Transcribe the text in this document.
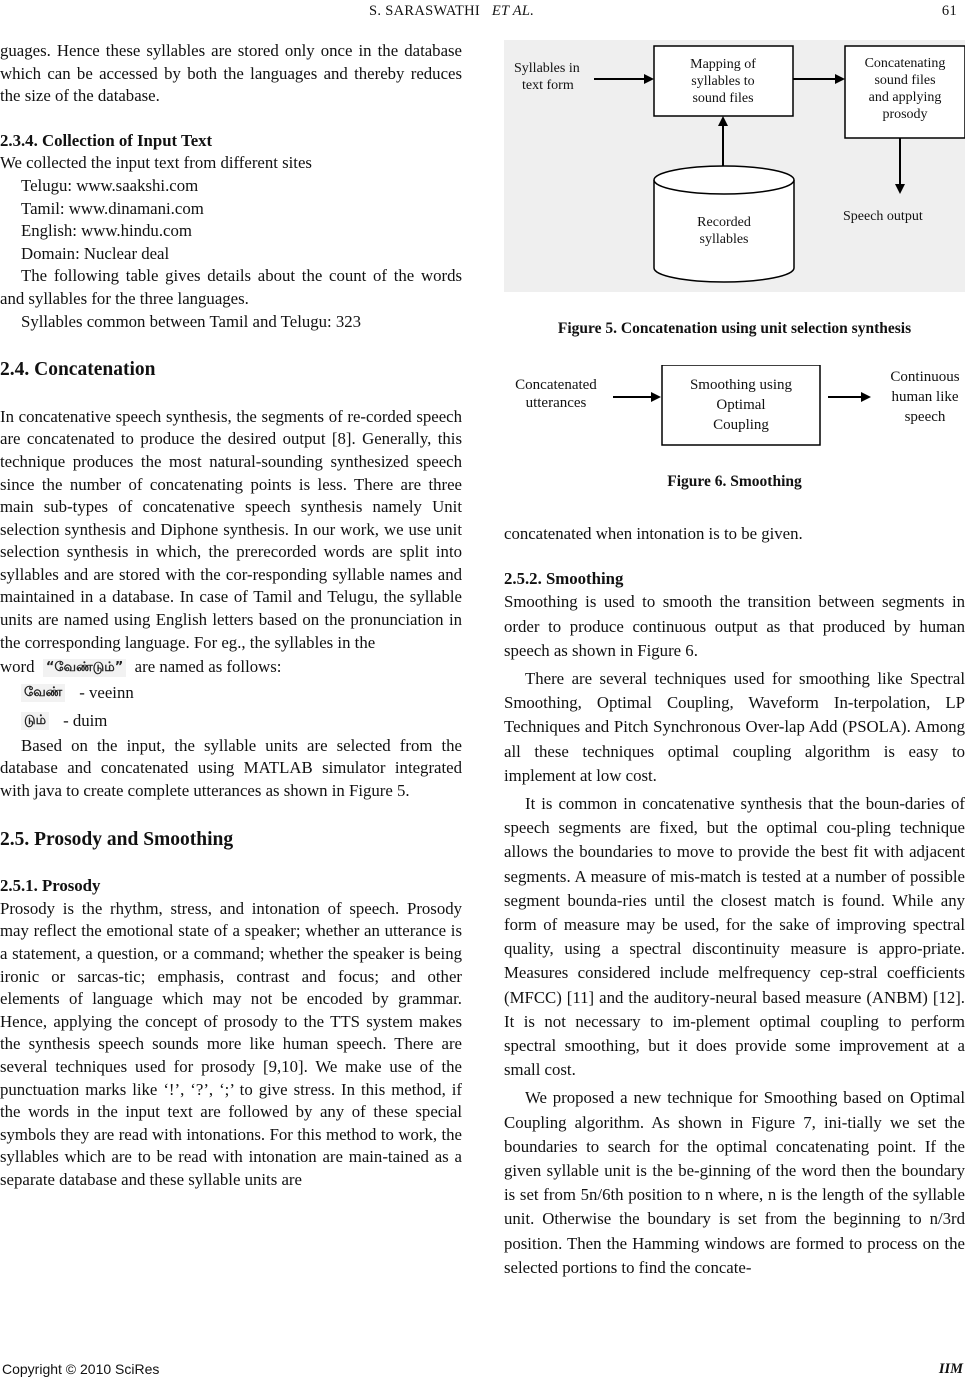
S. SARASWATHI ET AL.	61

guages. Hence these syllables are stored only once in the database which can be accessed by both the languages and thereby reduces the size of the database.

2.3.4. Collection of Input Text

We collected the input text from different sites

Telugu: www.saakshi.com
Tamil: www.dinamani.com
English: www.hindu.com
Domain: Nuclear deal

The following table gives details about the count of the words and syllables for the three languages.

Syllables common between Tamil and Telugu: 323

2.4. Concatenation

In concatenative speech synthesis, the segments of re-corded speech are concatenated to produce the desired output [8]. Generally, this technique produces the most natural-sounding synthesized speech since the number of concatenating points is less. There are three main sub-types of concatenative speech synthesis namely Unit selection synthesis and Diphone synthesis. In our work, we use unit selection synthesis in which, the prerecorded words are split into syllables and are stored with the cor-responding syllable names and maintained in a database. In case of Tamil and Telugu, the syllable units are named using English letters based on the pronunciation in the corresponding language. For eg., the syllables in the
word “வேண்டும்” are named as follows:

வேண் - veeinn
டும் - duim

Based on the input, the syllable units are selected from the database and concatenated using MATLAB simulator integrated with java to create complete utterances as shown in Figure 5.

2.5. Prosody and Smoothing
2.5.1. Prosody

Prosody is the rhythm, stress, and intonation of speech. Prosody may reflect the emotional state of a speaker; whether an utterance is a statement, a question, or a command; whether the speaker is being ironic or sarcas-tic; emphasis, contrast and focus; and other elements of language which may not be encoded by grammar. Hence, applying the concept of prosody to the TTS system makes the synthesis speech sounds more like human speech. There are several techniques used for prosody [9,10]. We make use of the punctuation marks like ‘!’, ‘?’, ‘;’ to give stress. In this method, if the words in the input text are followed by any of these special symbols they are read with intonations. For this method to work, the syllables which are to be read with intonation are main-tained as a separate database and these syllable units are

Syllables in text form
Mapping of syllables to sound files
Concatenating sound files and applying prosody
Recorded syllables
Speech output
Figure 5. Concatenation using unit selection synthesis
Concatenated utterances
Smoothing using Optimal Coupling
Continuous human like speech
Figure 6. Smoothing

concatenated when intonation is to be given.

2.5.2. Smoothing

Smoothing is used to smooth the transition between segments in order to produce continuous output as that produced by human speech as shown in Figure 6.

There are several techniques used for smoothing like Spectral Smoothing, Optimal Coupling, Waveform In-terpolation, LP Techniques and Pitch Synchronous Over-lap Add (PSOLA). Among all these techniques optimal coupling algorithm is easy to implement at low cost.

It is common in concatenative synthesis that the boun-daries of speech segments are fixed, but the optimal cou-pling technique allows the boundaries to move to provide the best fit with adjacent segments. A measure of mis-match is tested at a number of possible segment bounda-ries until the closest match is found. While any form of measure may be used, for the sake of improving spectral quality, using a spectral discontinuity measure is appro-priate. Measures considered include melfrequency cep-stral coefficients (MFCC) [11] and the auditory-neural based measure (ANBM) [12]. It is not necessary to im-plement optimal coupling to perform spectral smoothing, but it does provide some improvement at a small cost.

We proposed a new technique for Smoothing based on Optimal Coupling algorithm. As shown in Figure 7, ini-tially we set the boundaries to search for the optimal concatenating point. If the given syllable unit is the be-ginning of the word then the boundary is set from 5n/6th position to n where, n is the length of the syllable unit. Otherwise the boundary is set from the beginning to n/3rd position. Then the Hamming windows are formed to process on the selected portions to find the concate-

Copyright © 2010 SciRes	IIM
